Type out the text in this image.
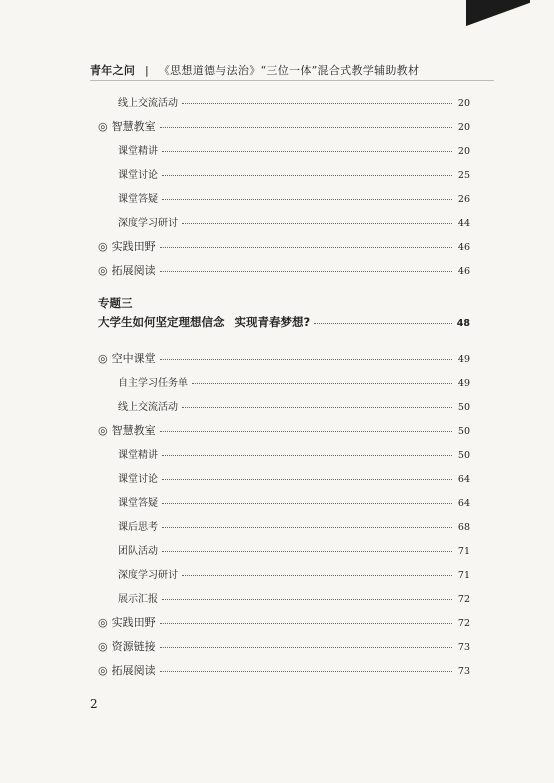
青年之问 | 《思想道德与法治》“三位一体”混合式教学辅助教材
线上交流活动	20
◎ 智慧教室	20
课堂精讲	20
课堂讨论	25
课堂答疑	26
深度学习研讨	44
◎ 实践田野	46
◎ 拓展阅读	46
专题三
大学生如何坚定理想信念 实现青春梦想?	48
◎ 空中课堂	49
自主学习任务单	49
线上交流活动	50
◎ 智慧教室	50
课堂精讲	50
课堂讨论	64
课堂答疑	64
课后思考	68
团队活动	71
深度学习研讨	71
展示汇报	72
◎ 实践田野	72
◎ 资源链接	73
◎ 拓展阅读	73
2
